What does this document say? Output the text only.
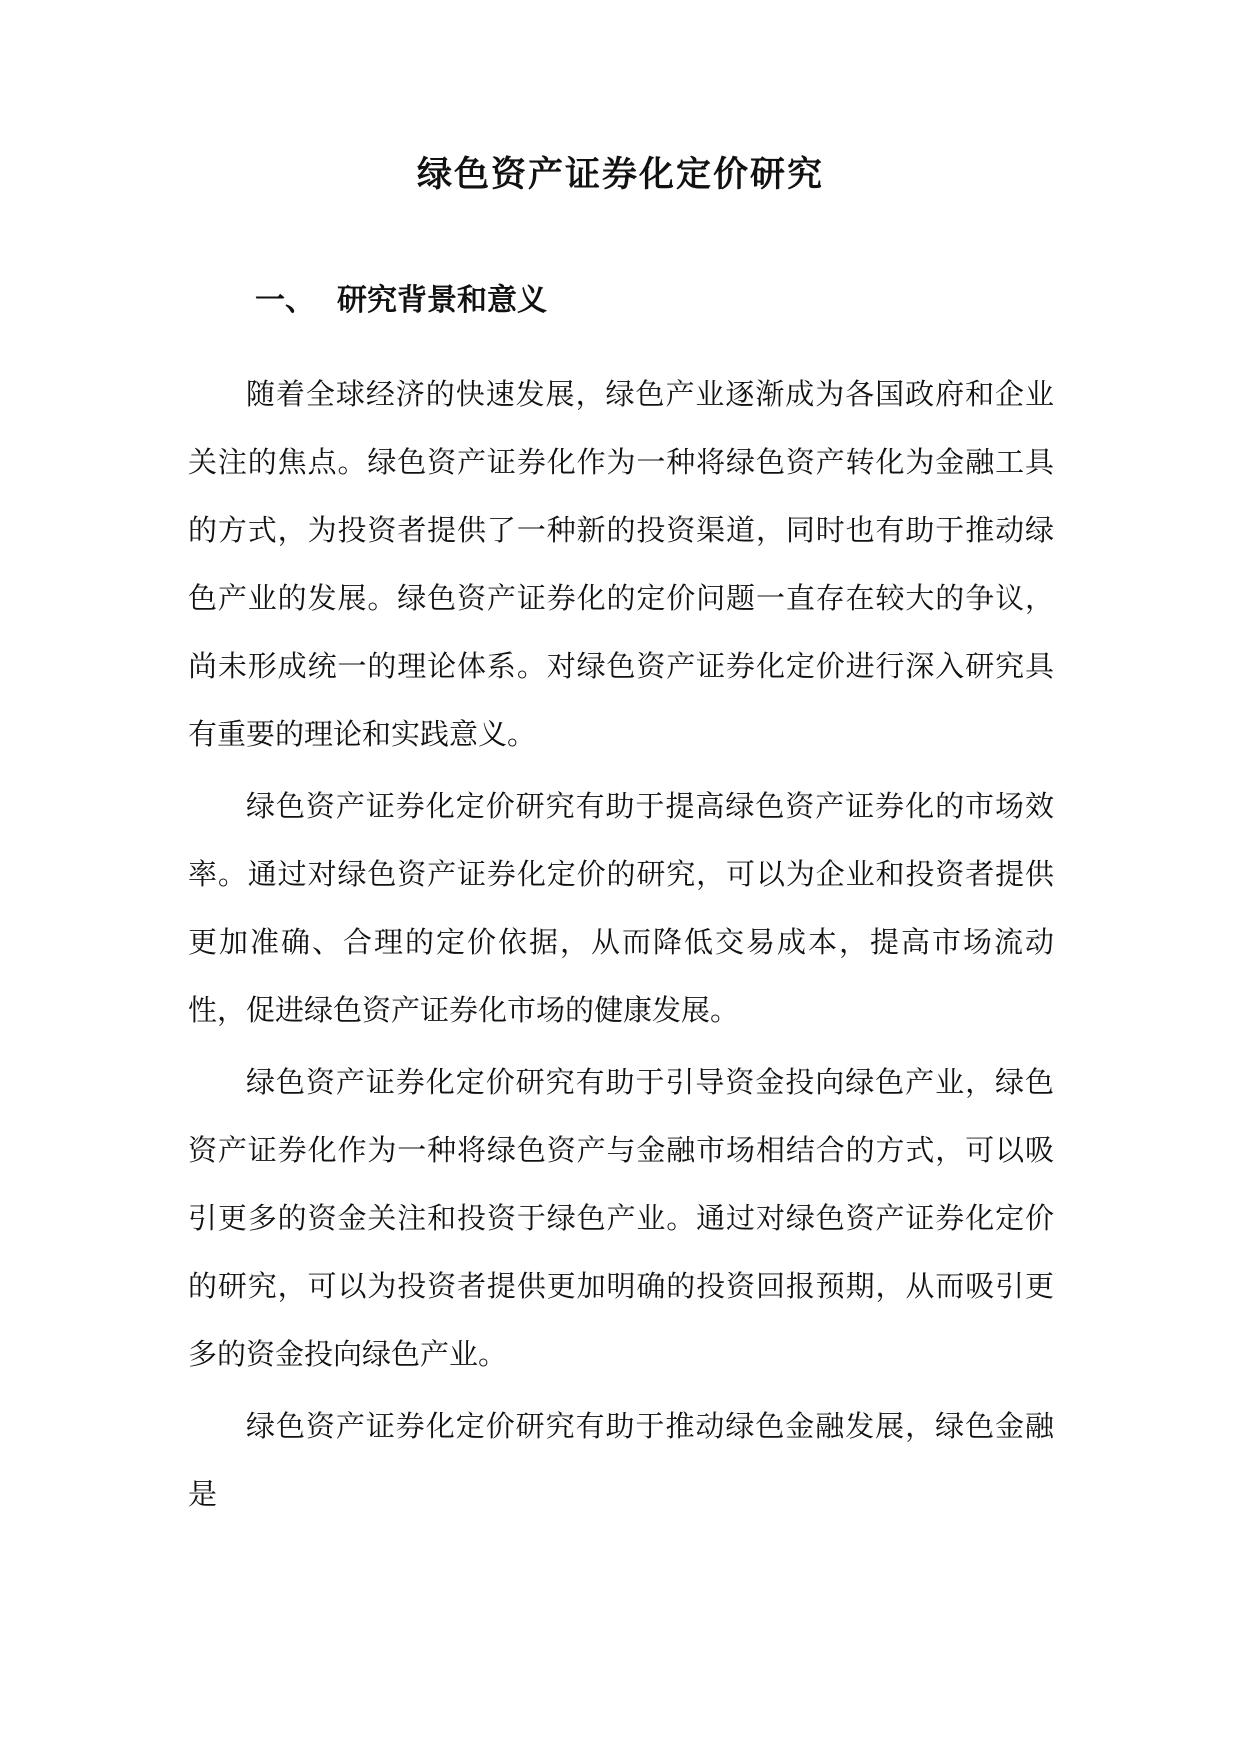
绿色资产证券化定价研究
一、 研究背景和意义

随着全球经济的快速发展，绿色产业逐渐成为各国政府和企业关注的焦点。绿色资产证券化作为一种将绿色资产转化为金融工具的方式，为投资者提供了一种新的投资渠道，同时也有助于推动绿色产业的发展。绿色资产证券化的定价问题一直存在较大的争议，尚未形成统一的理论体系。对绿色资产证券化定价进行深入研究具有重要的理论和实践意义。

绿色资产证券化定价研究有助于提高绿色资产证券化的市场效率。通过对绿色资产证券化定价的研究，可以为企业和投资者提供更加准确、合理的定价依据，从而降低交易成本，提高市场流动性，促进绿色资产证券化市场的健康发展。

绿色资产证券化定价研究有助于引导资金投向绿色产业，绿色资产证券化作为一种将绿色资产与金融市场相结合的方式，可以吸引更多的资金关注和投资于绿色产业。通过对绿色资产证券化定价的研究，可以为投资者提供更加明确的投资回报预期，从而吸引更多的资金投向绿色产业。

绿色资产证券化定价研究有助于推动绿色金融发展，绿色金融是
